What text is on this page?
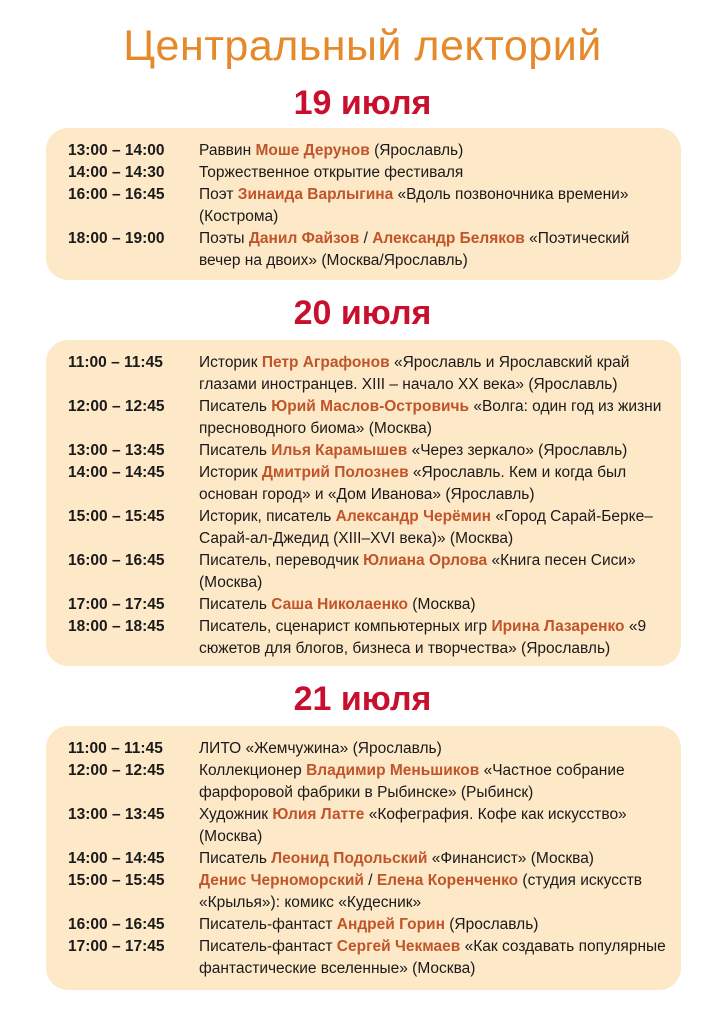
Центральный лекторий
19 июля
13:00 – 14:00	Раввин Моше Дерунов (Ярославль)
14:00 – 14:30	Торжественное открытие фестиваля
16:00 – 16:45	Поэт Зинаида Варлыгина «Вдоль позвоночника времени» (Кострома)
18:00 – 19:00	Поэты Данил Файзов / Александр Беляков «Поэтический вечер на двоих» (Москва/Ярославль)
20 июля
11:00 – 11:45	Историк Петр Аграфонов «Ярославль и Ярославский край глазами иностранцев. XIII – начало XX века» (Ярославль)
12:00 – 12:45	Писатель Юрий Маслов-Островичь «Волга: один год из жизни пресноводного биома» (Москва)
13:00 – 13:45	Писатель Илья Карамышев «Через зеркало» (Ярославль)
14:00 – 14:45	Историк Дмитрий Полознев «Ярославль. Кем и когда был основан город» и «Дом Иванова» (Ярославль)
15:00 – 15:45	Историк, писатель Александр Черёмин «Город Сарай-Берке– Сарай-ал-Джедид (XIII–XVI века)» (Москва)
16:00 – 16:45	Писатель, переводчик Юлиана Орлова «Книга песен Сиси» (Москва)
17:00 – 17:45	Писатель Саша Николаенко (Москва)
18:00 – 18:45	Писатель, сценарист компьютерных игр Ирина Лазаренко «9 сюжетов для блогов, бизнеса и творчества» (Ярославль)
21 июля
11:00 – 11:45	ЛИТО «Жемчужина» (Ярославль)
12:00 – 12:45	Коллекционер Владимир Меньшиков «Частное собрание фарфоровой фабрики в Рыбинске» (Рыбинск)
13:00 – 13:45	Художник Юлия Латте «Кофеграфия. Кофе как искусство» (Москва)
14:00 – 14:45	Писатель Леонид Подольский «Финансист» (Москва)
15:00 – 15:45	Денис Черноморский / Елена Коренченко (студия искусств «Крылья»): комикс «Кудесник»
16:00 – 16:45	Писатель-фантаст Андрей Горин (Ярославль)
17:00 – 17:45	Писатель-фантаст Сергей Чекмаев «Как создавать популярные фантастические вселенные» (Москва)
